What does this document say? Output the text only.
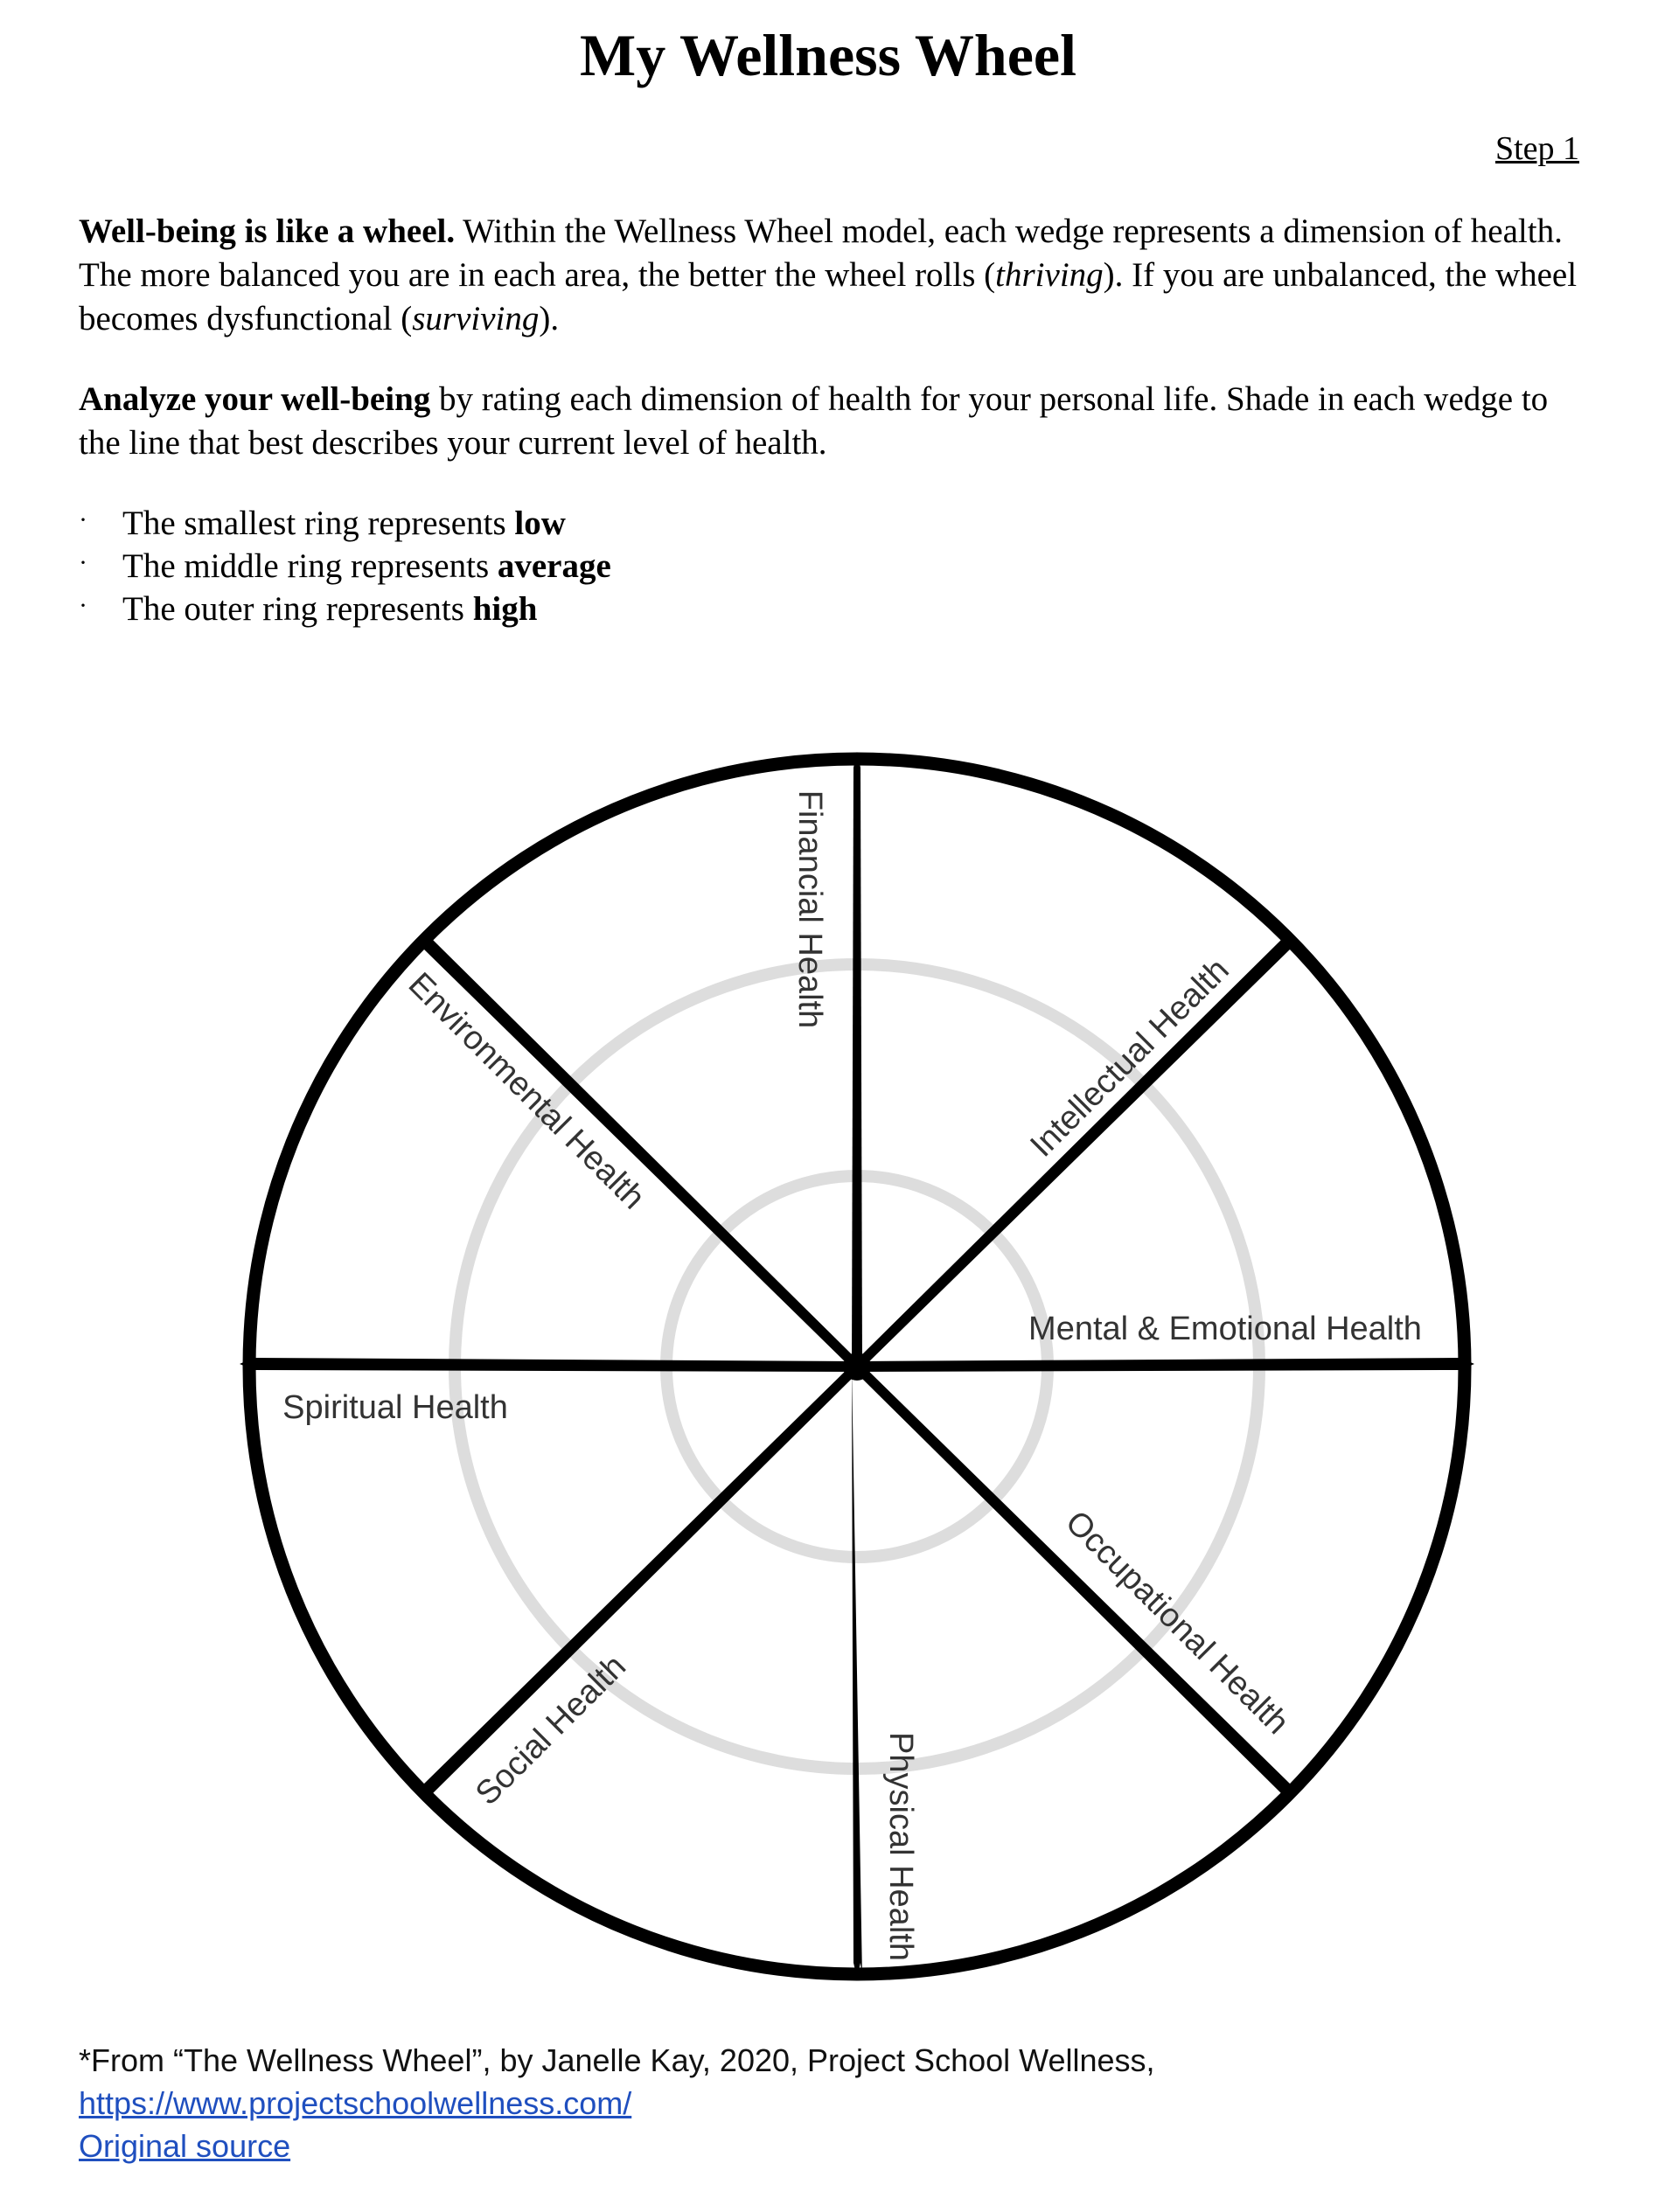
My Wellness Wheel
Step 1

Well-being is like a wheel. Within the Wellness Wheel model, each wedge represents a dimension of health. The more balanced you are in each area, the better the wheel rolls (thriving). If you are unbalanced, the wheel becomes dysfunctional (surviving).

Analyze your well-being by rating each dimension of health for your personal life. Shade in each wedge to the line that best describes your current level of health.

· The smallest ring represents low
· The middle ring represents average
· The outer ring represents high
Financial Health
Intellectual Health
Mental & Emotional Health
Occupational Health
Physical Health
Social Health
Spiritual Health
Environmental Health
*From “The Wellness Wheel”, by Janelle Kay, 2020, Project School Wellness,
https://www.projectschoolwellness.com/
Original source
